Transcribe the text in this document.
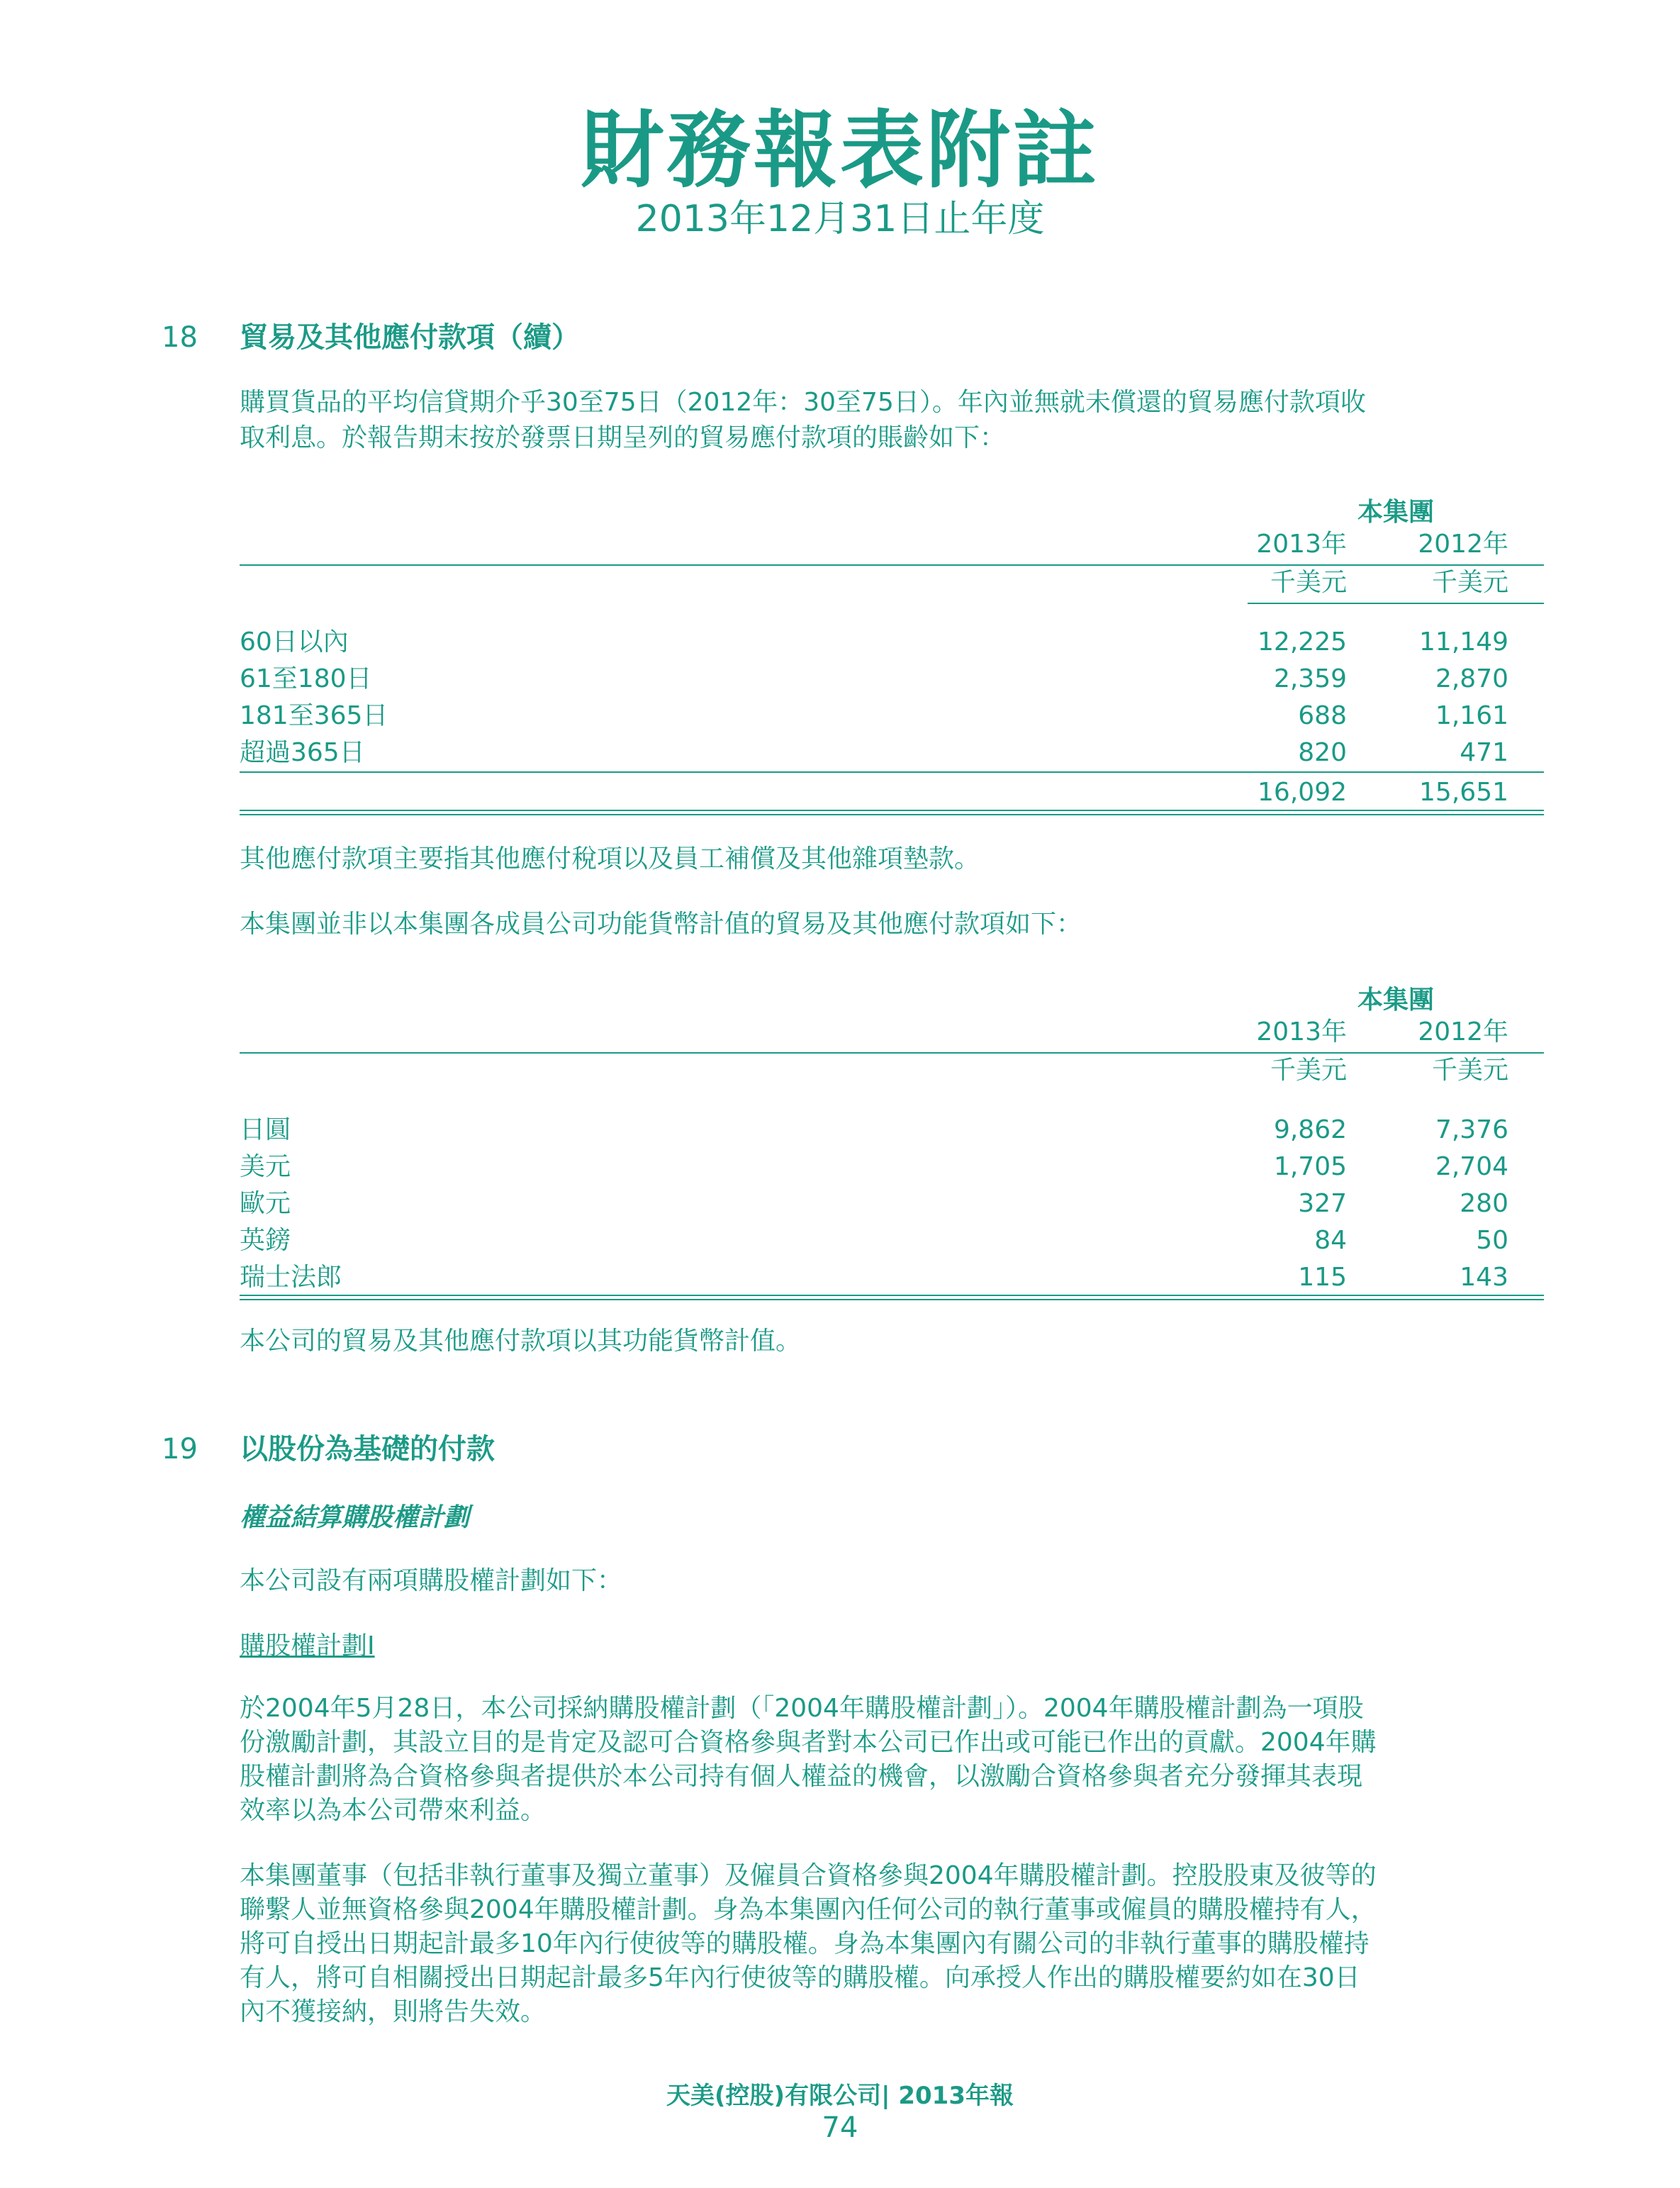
財務報表附註
2013年12月31日止年度
18 貿易及其他應付款項（續）
購買貨品的平均信貸期介乎30至75日（2012年：30至75日）。年內並無就未償還的貿易應付款項收
取利息。於報告期末按於發票日期呈列的貿易應付款項的賬齡如下：
本集團
2013年	2012年
千美元	千美元
60日以內	12,225	11,149
61至180日	2,359	2,870
181至365日	688	1,161
超過365日	820	471
16,092	15,651
其他應付款項主要指其他應付稅項以及員工補償及其他雜項墊款。
本集團並非以本集團各成員公司功能貨幣計值的貿易及其他應付款項如下：
本集團
2013年	2012年
千美元	千美元
日圓	9,862	7,376
美元	1,705	2,704
歐元	327	280
英鎊	84	50
瑞士法郎	115	143
本公司的貿易及其他應付款項以其功能貨幣計值。
19 以股份為基礎的付款
權益結算購股權計劃
本公司設有兩項購股權計劃如下：
購股權計劃I
於2004年5月28日，本公司採納購股權計劃（「2004年購股權計劃」）。2004年購股權計劃為一項股
份激勵計劃，其設立目的是肯定及認可合資格參與者對本公司已作出或可能已作出的貢獻。2004年購
股權計劃將為合資格參與者提供於本公司持有個人權益的機會，以激勵合資格參與者充分發揮其表現
效率以為本公司帶來利益。
本集團董事（包括非執行董事及獨立董事）及僱員合資格參與2004年購股權計劃。控股股東及彼等的
聯繫人並無資格參與2004年購股權計劃。身為本集團內任何公司的執行董事或僱員的購股權持有人，
將可自授出日期起計最多10年內行使彼等的購股權。身為本集團內有關公司的非執行董事的購股權持
有人，將可自相關授出日期起計最多5年內行使彼等的購股權。向承授人作出的購股權要約如在30日
內不獲接納，則將告失效。
天美(控股)有限公司| 2013年報
74
